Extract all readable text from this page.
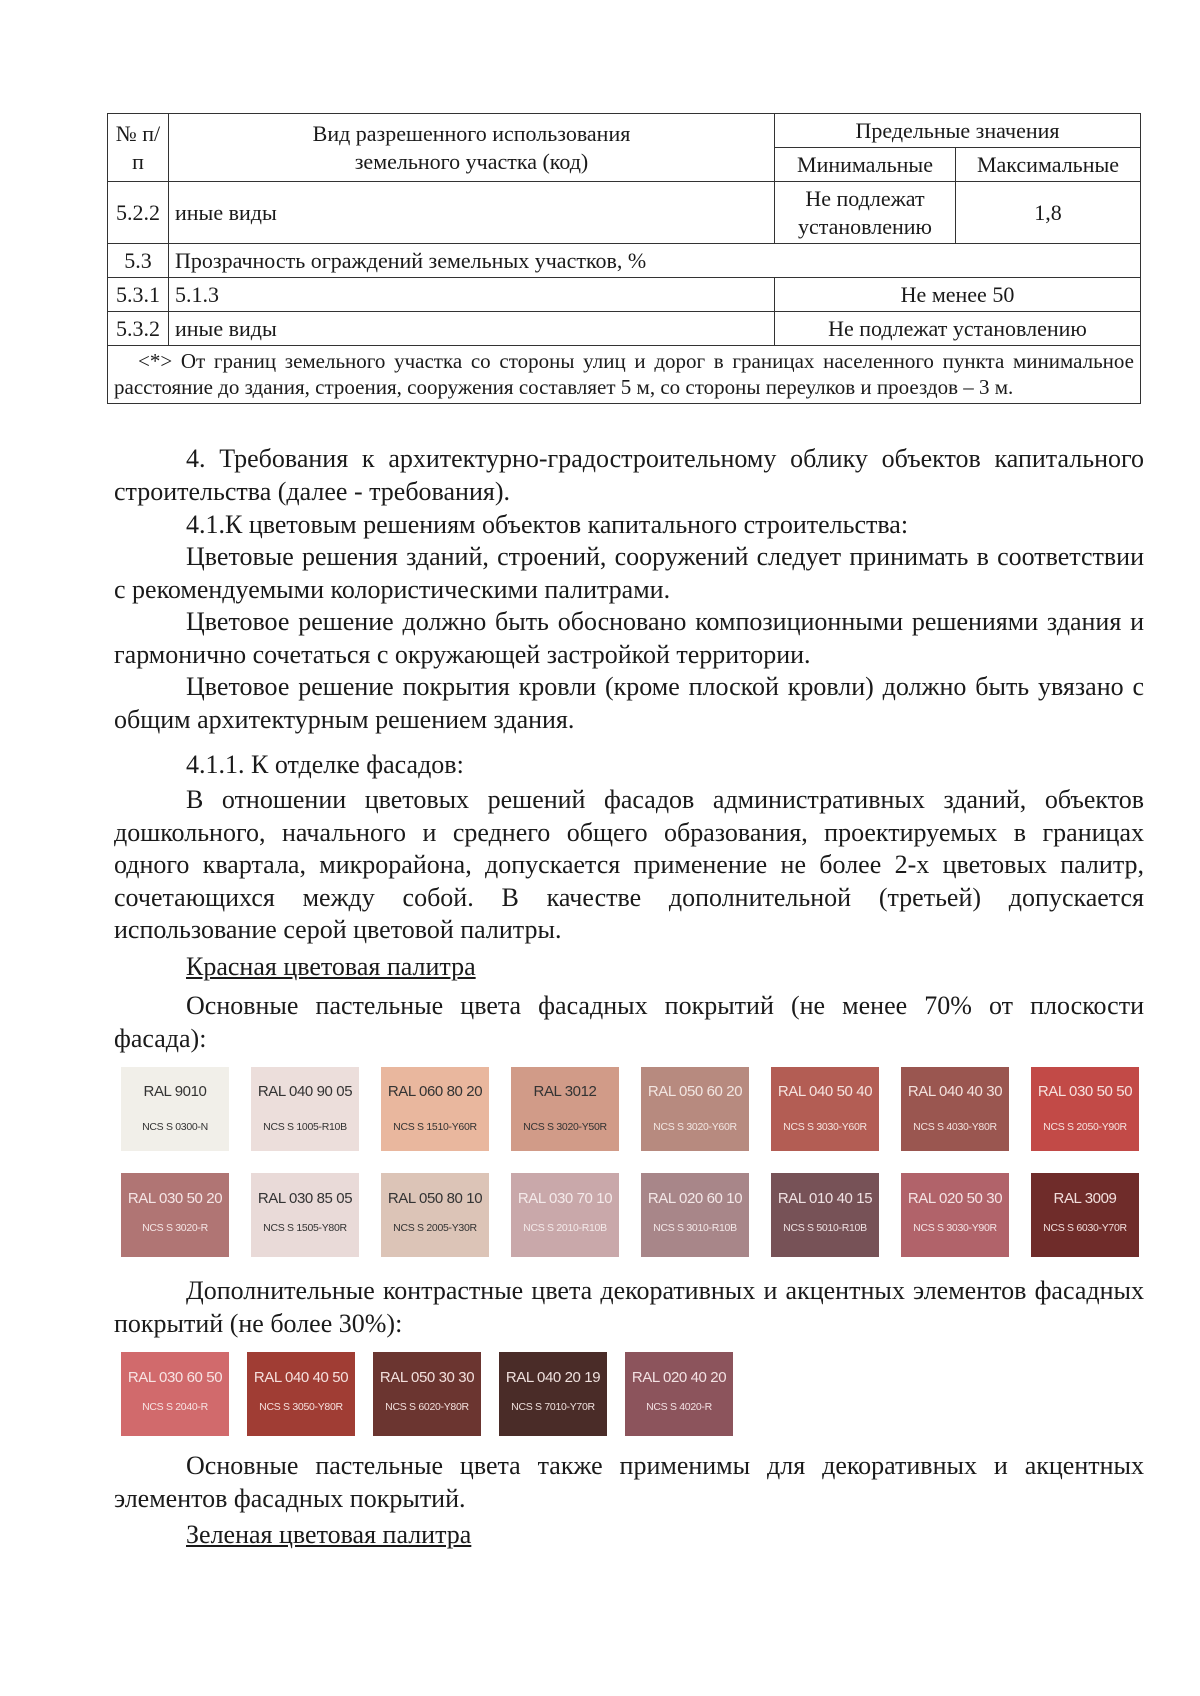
№ п/п	Вид разрешенного использования земельного участка (код)	Предельные значения	
		Минимальные	Максимальные
5.2.2	иные виды	Не подлежат установлению	1,8
5.3	Прозрачность ограждений земельных участков, %		
5.3.1	5.1.3	Не менее 50	
5.3.2	иные виды	Не подлежат установлению	
<*> От границ земельного участка со стороны улиц и дорог в границах населенного пункта минимальное расстояние до здания, строения, сооружения составляет 5 м, со стороны переулков и проездов – 3 м.			

4. Требования к архитектурно-градостроительному облику объектов капитального строительства (далее - требования).

4.1.К цветовым решениям объектов капитального строительства:

Цветовые решения зданий, строений, сооружений следует принимать в соответствии с рекомендуемыми колористическими палитрами.

Цветовое решение должно быть обосновано композиционными решениями здания и гармонично сочетаться с окружающей застройкой территории.

Цветовое решение покрытия кровли (кроме плоской кровли) должно быть увязано с общим архитектурным решением здания.

4.1.1. К отделке фасадов:

В отношении цветовых решений фасадов административных зданий, объектов дошкольного, начального и среднего общего образования, проектируемых в границах одного квартала, микрорайона, допускается применение не более 2-х цветовых палитр, сочетающихся между собой. В качестве дополнительной (третьей) допускается использование серой цветовой палитры.

Красная цветовая палитра

Основные пастельные цвета фасадных покрытий (не менее 70% от плоскости фасада):

RAL 9010
NCS S 0300-N
RAL 040 90 05
NCS S 1005-R10B
RAL 060 80 20
NCS S 1510-Y60R
RAL 3012
NCS S 3020-Y50R
RAL 050 60 20
NCS S 3020-Y60R
RAL 040 50 40
NCS S 3030-Y60R
RAL 040 40 30
NCS S 4030-Y80R
RAL 030 50 50
NCS S 2050-Y90R
RAL 030 50 20
NCS S 3020-R
RAL 030 85 05
NCS S 1505-Y80R
RAL 050 80 10
NCS S 2005-Y30R
RAL 030 70 10
NCS S 2010-R10B
RAL 020 60 10
NCS S 3010-R10B
RAL 010 40 15
NCS S 5010-R10B
RAL 020 50 30
NCS S 3030-Y90R
RAL 3009
NCS S 6030-Y70R

Дополнительные контрастные цвета декоративных и акцентных элементов фасадных покрытий (не более 30%):

RAL 030 60 50
NCS S 2040-R
RAL 040 40 50
NCS S 3050-Y80R
RAL 050 30 30
NCS S 6020-Y80R
RAL 040 20 19
NCS S 7010-Y70R
RAL 020 40 20
NCS S 4020-R

Основные пастельные цвета также применимы для декоративных и акцентных элементов фасадных покрытий.

Зеленая цветовая палитра
